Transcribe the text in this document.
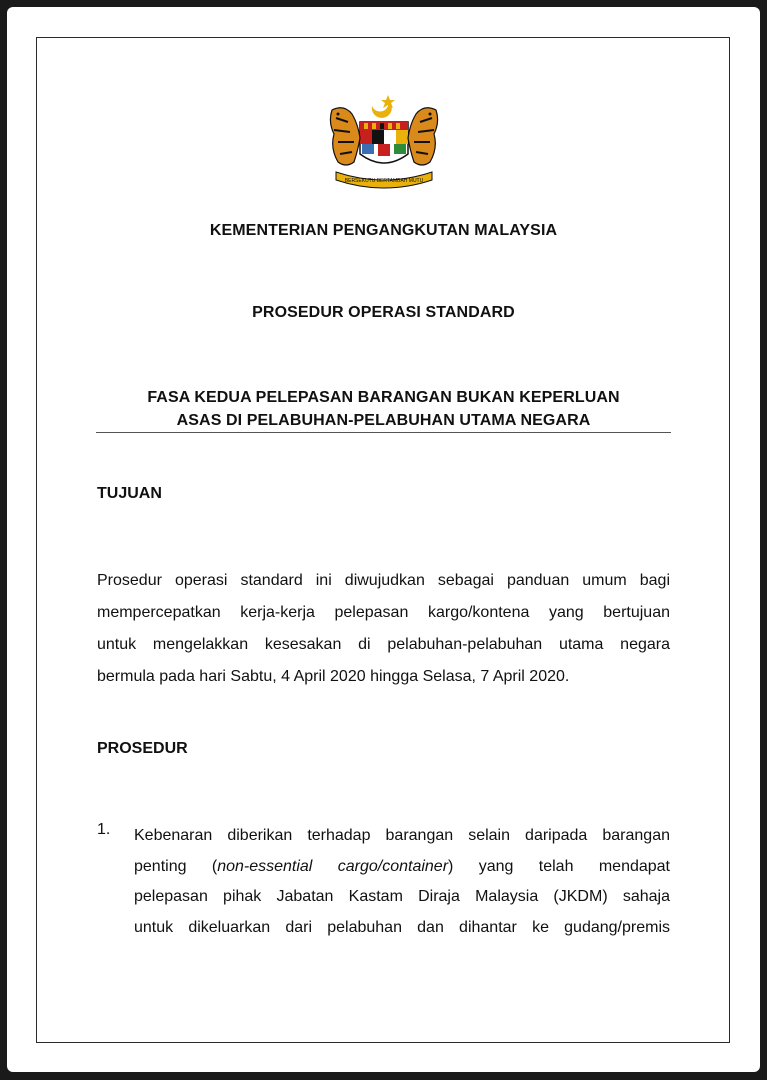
BERSEKUTU BERTAMBAH MUTU
KEMENTERIAN PENGANGKUTAN MALAYSIA
PROSEDUR OPERASI STANDARD
FASA KEDUA PELEPASAN BARANGAN BUKAN KEPERLUAN
ASAS DI PELABUHAN-PELABUHAN UTAMA NEGARA
TUJUAN
Prosedur operasi standard ini diwujudkan sebagai panduan umum bagi
mempercepatkan kerja-kerja pelepasan kargo/kontena yang bertujuan
untuk mengelakkan kesesakan di pelabuhan-pelabuhan utama negara
bermula pada hari Sabtu, 4 April 2020 hingga Selasa, 7 April 2020.
PROSEDUR
1. Kebenaran diberikan terhadap barangan selain daripada barangan
penting (non-essential cargo/container) yang telah mendapat
pelepasan pihak Jabatan Kastam Diraja Malaysia (JKDM) sahaja
untuk dikeluarkan dari pelabuhan dan dihantar ke gudang/premis
